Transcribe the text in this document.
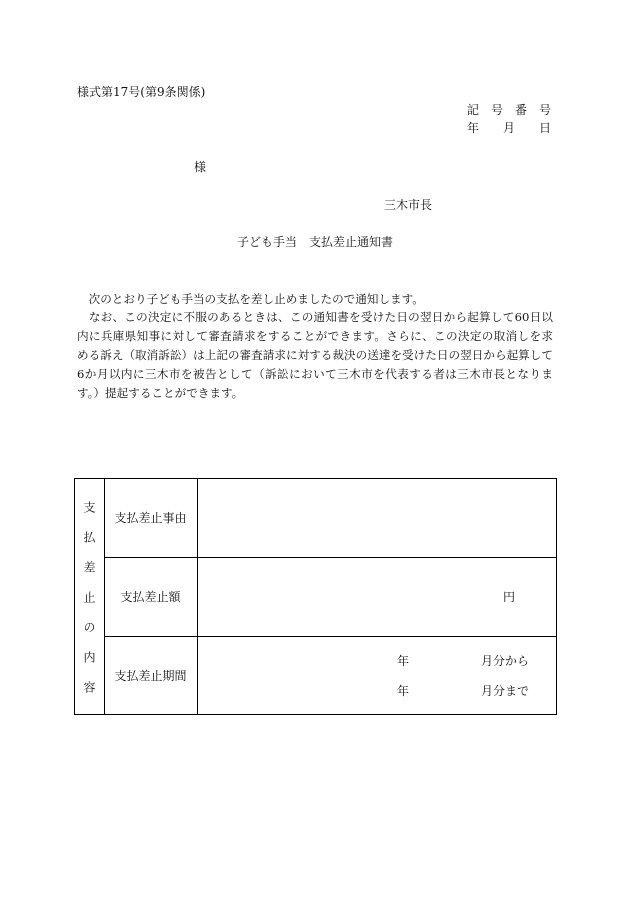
様式第17号(第9条関係)
記　号　番　号
年　　月　　日
様
三木市長
子ども手当　支払差止通知書
　次のとおり子ども手当の支払を差し止めましたので通知します。
　なお、この決定に不服のあるときは、この通知書を受けた日の翌日から起算して60日以
内に兵庫県知事に対して審査請求をすることができます。さらに、この決定の取消しを求
める訴え（取消訴訟）は上記の審査請求に対する裁決の送達を受けた日の翌日から起算して
6か月以内に三木市を被告として（訴訟において三木市を代表する者は三木市長となりま
す。）提起することができます。
支払差止の内容	支払差止事由
支払差止額	円
支払差止期間
年	月分から
年	月分まで
